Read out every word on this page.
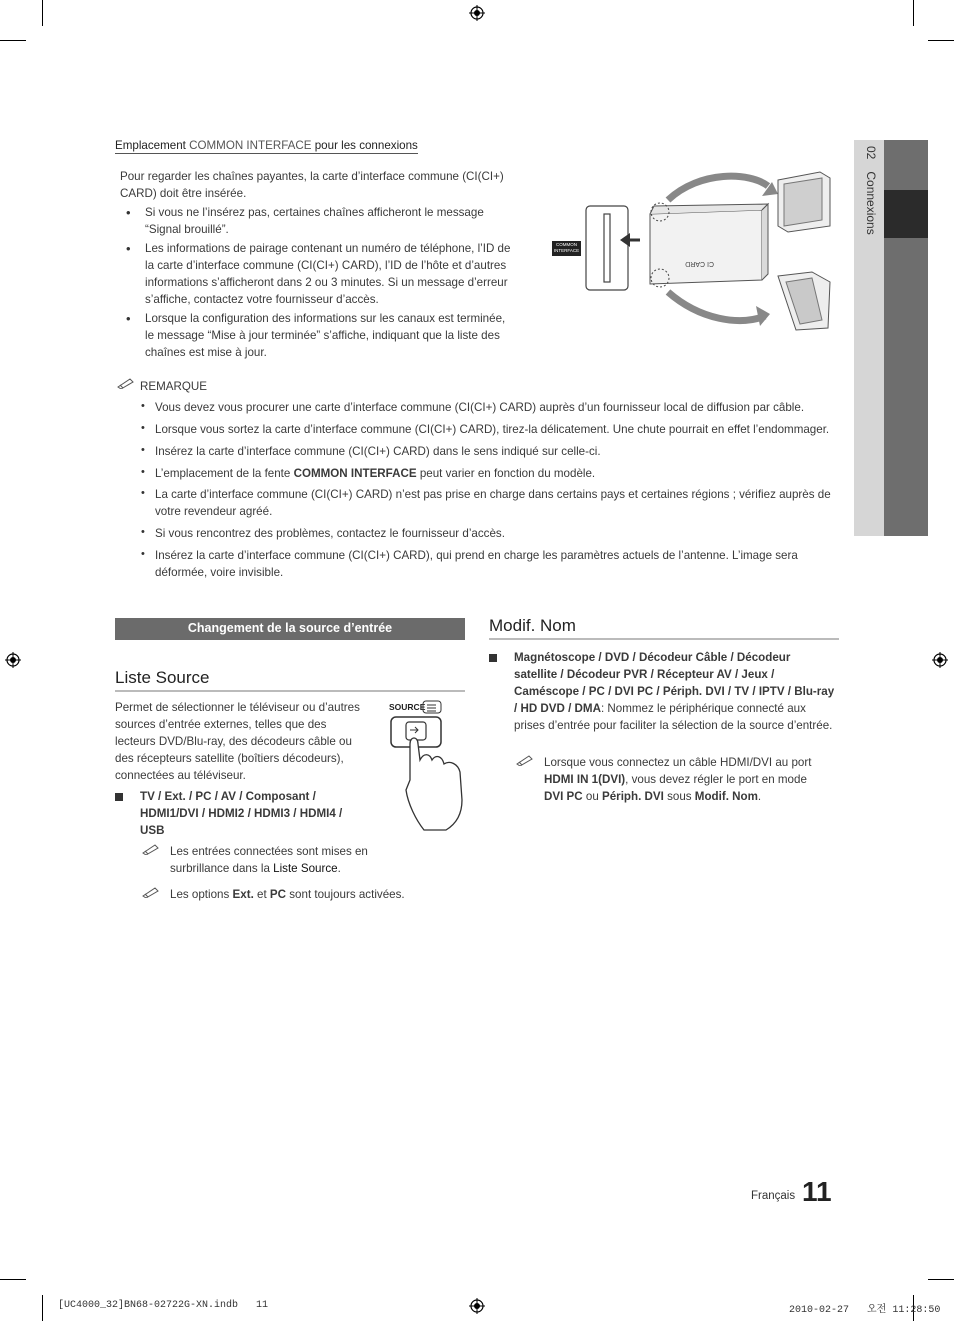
02Connexions
Emplacement COMMON INTERFACE pour les connexions
Pour regarder les chaînes payantes, la carte d’interface commune (CI(CI+) CARD) doit être insérée.
• Si vous ne l’insérez pas, certaines chaînes afficheront le message “Signal brouillé”.
• Les informations de pairage contenant un numéro de téléphone, l’ID de la carte d’interface commune (CI(CI+) CARD), l’ID de l’hôte et d’autres informations s’afficheront dans 2 ou 3 minutes. Si un message d’erreur s’affiche, contactez votre fournisseur d’accès.
• Lorsque la configuration des informations sur les canaux est terminée, le message “Mise à jour terminée” s’affiche, indiquant que la liste des chaînes est mise à jour.
CI CARD
COMMON
INTERFACE
REMARQUE
• Vous devez vous procurer une carte d’interface commune (CI(CI+) CARD) auprès d’un fournisseur local de diffusion par câble.
• Lorsque vous sortez la carte d’interface commune (CI(CI+) CARD), tirez-la délicatement. Une chute pourrait en effet l’endommager.
• Insérez la carte d’interface commune (CI(CI+) CARD) dans le sens indiqué sur celle-ci.
• L’emplacement de la fente COMMON INTERFACE peut varier en fonction du modèle.
• La carte d’interface commune (CI(CI+) CARD) n’est pas prise en charge dans certains pays et certaines régions ; vérifiez auprès de votre revendeur agréé.
• Si vous rencontrez des problèmes, contactez le fournisseur d’accès.
• Insérez la carte d’interface commune (CI(CI+) CARD), qui prend en charge les paramètres actuels de l’antenne. L’image sera déformée, voire invisible.
Changement de la source d’entrée
Liste Source
Permet de sélectionner le téléviseur ou d’autres sources d’entrée externes, telles que des lecteurs DVD/Blu-ray, des décodeurs câble ou des récepteurs satellite (boîtiers décodeurs), connectées au téléviseur.
SOURCE
TV / Ext. / PC / AV / Composant / HDMI1/DVI / HDMI2 / HDMI3 / HDMI4 / USB
Les entrées connectées sont mises en surbrillance dans la Liste Source.
Les options Ext. et PC sont toujours activées.
Modif. Nom
Magnétoscope / DVD / Décodeur Câble / Décodeur satellite / Décodeur PVR / Récepteur AV / Jeux / Caméscope / PC / DVI PC / Périph. DVI / TV / IPTV / Blu-ray / HD DVD / DMA: Nommez le périphérique connecté aux prises d’entrée pour faciliter la sélection de la source d’entrée.
Lorsque vous connectez un câble HDMI/DVI au port HDMI IN 1(DVI), vous devez régler le port en mode DVI PC ou Périph. DVI sous Modif. Nom.
Français 11
[UC4000_32]BN68-02722G-XN.indb   11	2010-02-27   오전 11:28:50
